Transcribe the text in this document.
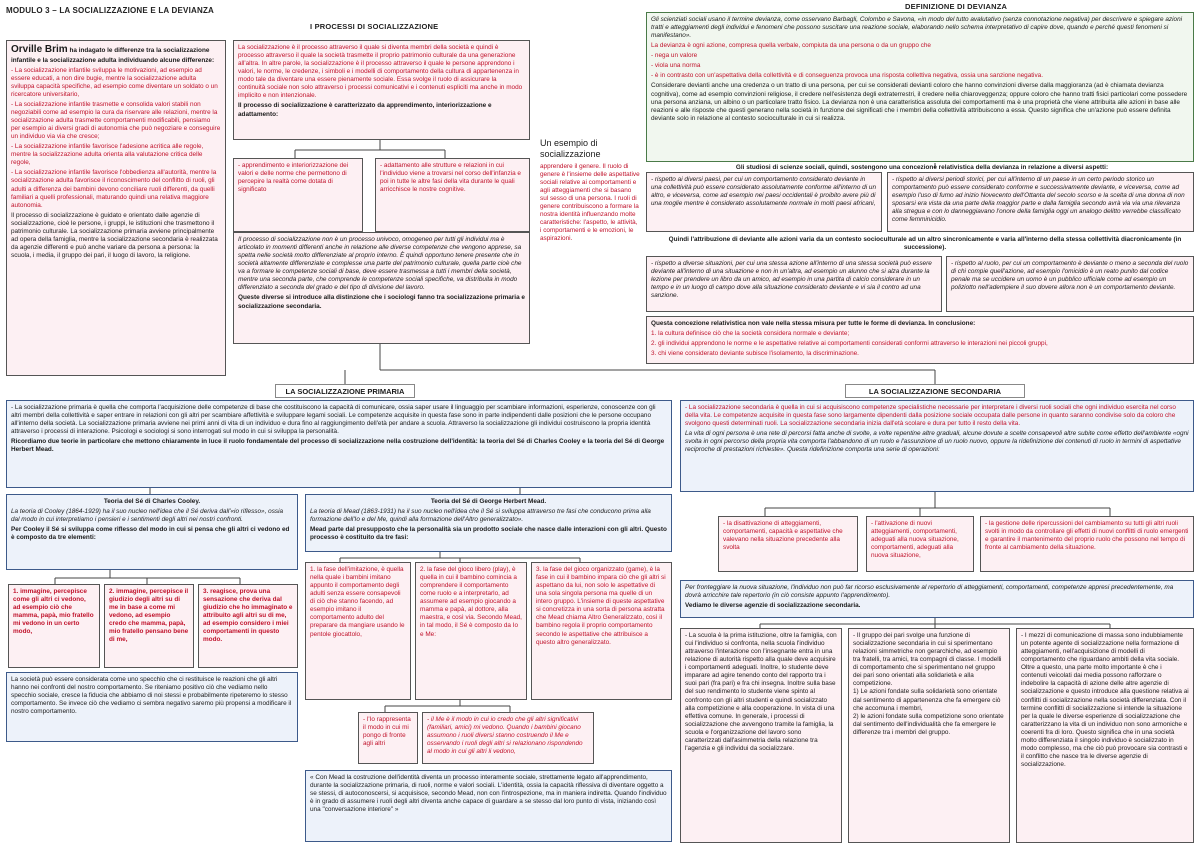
MODULO 3 – LA SOCIALIZZAZIONE E LA DEVIANZA
I PROCESSI DI SOCIALIZZAZIONE
DEFINIZIONE DI DEVIANZA

Orville Brim ha indagato le differenze tra la socializzazione infantile e la socializzazione adulta individuando alcune differenze:

- La socializzazione infantile sviluppa le motivazioni, ad esempio ad essere educati, a non dire bugie, mentre la socializzazione adulta sviluppa capacità specifiche, ad esempio come diventare un soldato o un ricercatore universitario,

- La socializzazione infantile trasmette e consolida valori stabili non negoziabili come ad esempio la cura da riservare alle relazioni, mentre la socializzazione adulta trasmette comportamenti modificabili, pensiamo per esempio ai diversi gradi di autonomia che può negoziare e conseguire un individuo via via che cresce;

- La socializzazione infantile favorisce l'adesione acritica alle regole, mentre la socializzazione adulta orienta alla valutazione critica delle regole,

- La socializzazione infantile favorisce l'obbedienza all'autorità, mentre la socializzazione adulta favorisce il riconoscimento del conflitto di ruoli, gli adulti a differenza dei bambini devono conciliare ruoli differenti, da quelli familiari a quelli professionali, maturando quindi una relativa maggiore autonomia.

Il processo di socializzazione è guidato e orientato dalle agenzie di socializzazione, cioè le persone, i gruppi, le istituzioni che trasmettono il patrimonio culturale. La socializzazione primaria avviene principalmente ad opera della famiglia, mentre la socializzazione secondaria è realizzata da agenzie differenti e può anche variare da persona a persona: la scuola, i media, il gruppo dei pari, il luogo di lavoro, la religione.

La socializzazione è il processo attraverso il quale si diventa membri della società e quindi è processo attraverso il quale la società trasmette il proprio patrimonio culturale da una generazione all'altra. In altre parole, la socializzazione è il processo attraverso il quale le persone apprendono i valori, le norme, le credenze, i simboli e i modelli di comportamento della cultura di appartenenza in modo tale da diventare una essere pienamente sociale. Essa svolge il ruolo di assicurare la continuità sociale non solo attraverso i processi comunicativi e i contenuti espliciti ma anche in modo implicito e non intenzionale.

Il processo di socializzazione è caratterizzato da apprendimento, interiorizzazione e adattamento:

Un esempio di socializzazione

apprendere il genere. Il ruolo di genere è l'insieme delle aspettative sociali relative ai comportamenti e agli atteggiamenti che si basano sul sesso di una persona. I ruoli di genere contribuiscono a formare la nostra identità influenzando molte caratteristiche: l'aspetto, le attività, i comportamenti e le emozioni, le aspirazioni.

- apprendimento e interiorizzazione dei valori e delle norme che permettono di percepire la realtà come dotata di significato

- adattamento alle strutture e relazioni in cui l'individuo viene a trovarsi nel corso dell'infanzia e poi in tutte le altre fasi della vita durante le quali arricchisce le nostre cognitive.

Il processo di socializzazione non è un processo univoco, omogeneo per tutti gli individui ma è articolato in momenti differenti anche in relazione alle diverse competenze che vengono apprese, sa spetta nelle società molto differenziate al proprio interno. È quindi opportuno tenere presente che in società altamente differenziate e complesse una parte del patrimonio culturale, quella parte cioè che va a formare le competenze sociali di base, deve essere trasmessa a tutti i membri della società, mentre una seconda parte, che comprende le competenze sociali specifiche, va distribuita in modo differenziato a seconda del grado e del tipo di divisione del lavoro.

Queste diverse si introduce alla distinzione che i sociologi fanno tra socializzazione primaria e socializzazione secondaria.

Gli scienziati sociali usano il termine devianza, come osservano Barbagli, Colombo e Savona, «in modo del tutto avalutativo (senza connotazione negativa) per descrivere e spiegare azioni tratti e atteggiamenti degli individui e fenomeni che possono suscitare una reazione sociale, elaborando nello schema interpretativo di capire dove, quando e perché questi fenomeni si manifestano».

La devianza è ogni azione, compresa quella verbale, compiuta da una persona o da un gruppo che

- nega un valore

- viola una norma

- è in contrasto con un'aspettativa della collettività e di conseguenza provoca una risposta collettiva negativa, ossia una sanzione negativa.

Considerare devianti anche una credenza o un tratto di una persona, per cui se considerati devianti coloro che hanno convinzioni diverse dalla maggioranza (ad è chiamata devianza cognitiva), come ad esempio convinzioni religiose, il credere nell'esistenza degli extraterrestri, il credere nella chiaroveggenza; oppure coloro che hanno tratti fisici particolari come possedere una persona anziana, un albino o un particolare tratto fisico. La devianza non è una caratteristica assoluta dei comportamenti ma è una proprietà che viene attribuita alle azioni in base alle reazioni e alle risposte che questi generano nella società in funzione dei significati che i membri della collettività attribuiscono a essa. Questo significa che un'azione può essere definita deviante solo in relazione al contesto socioculturale in cui si realizza.

Gli studiosi di scienze sociali, quindi, sostengono una concezione relativistica della devianza in relazione a diversi aspetti:

- rispetto ai diversi paesi, per cui un comportamento considerato deviante in una collettività può essere considerato assolutamente conforme all'interno di un altro, e viceversa, come ad esempio nei paesi occidentali è proibito avere più di una moglie mentre è considerato assolutamente normale in molti paesi africani,

- rispetto ai diversi periodi storici, per cui all'interno di un paese in un certo periodo storico un comportamento può essere considerato conforme e successivamente deviante, e viceversa, come ad esempio l'uso di fumo ad inizio Novecento dell'Ottanta del secolo scorso e la scelta di una donna di non sposarsi era vista da una parte della maggior parte e dalla famiglia secondo avrà via via una rilevanza alla stregua e con lo danneggiavano l'onore della famiglia oggi un analogo delitto verrebbe classificato come femminicidio.

Quindi l'attribuzione di deviante alle azioni varia da un contesto socioculturale ad un altro sincronicamente e varia all'interno della stessa collettività diacronicamente (in successione).

- rispetto a diverse situazioni, per cui una stessa azione all'interno di una stessa società può essere deviante all'interno di una situazione e non in un'altra, ad esempio un alunno che si alza durante la lezione per prendere un libro da un amico, ad esempio in una partita di calcio considerare in un tempo e in un luogo di campo dove alla situazione considerato deviante e vi sia il contro ad una sanzione.

- rispetto al ruolo, per cui un comportamento è deviante o meno a seconda del ruolo di chi compie quell'azione, ad esempio l'omicidio è un reato punito dal codice penale ma se uccidere un uomo è un pubblico ufficiale come ad esempio un poliziotto nell'adempiere il suo dovere allora non è un comportamento deviante.

Questa concezione relativistica non vale nella stessa misura per tutte le forme di devianza. In conclusione:

1. la cultura definisce ciò che la società considera normale e deviante;

2. gli individui apprendono le norme e le aspettative relative ai comportamenti considerati conformi attraverso le interazioni nei piccoli gruppi,

3. chi viene considerato deviante subisce l'isolamento, la discriminazione.

LA SOCIALIZZAZIONE PRIMARIA	LA SOCIALIZZAZIONE SECONDARIA

- La socializzazione primaria è quella che comporta l'acquisizione delle competenze di base che costituiscono la capacità di comunicare, ossia saper usare il linguaggio per scambiare informazioni, esperienze, conoscenze con gli altri membri della collettività e saper entrare in relazioni con gli altri per scambiare affettività e sviluppare legami sociali. Le competenze acquisite in questa fase sono in parte indipendenti dalle posizioni che le persone occupano all'interno della società. La socializzazione primaria avviene nei primi anni di vita di un individuo e dura fino al raggiungimento dell'età per andare a scuola. Attraverso la socializzazione gli individui costruiscono la propria identità attraverso i processi di interazione. Psicologi e sociologi si sono interrogati sul modo in cui si sviluppa la personalità.

Ricordiamo due teorie in particolare che mettono chiaramente in luce il ruolo fondamentale del processo di socializzazione nella costruzione dell'identità: la teoria del Sé di Charles Cooley e la teoria del Sé di George Herbert Mead.

Teoria del Sé di Charles Cooley.

La teoria di Cooley (1864-1929) ha il suo nucleo nell'idea che il Sé deriva dall'«io riflesso», ossia dal modo in cui interpretiamo i pensieri e i sentimenti degli altri nei nostri confronti.

Per Cooley il Sé si sviluppa come riflesso del modo in cui si pensa che gli altri ci vedono ed è composto da tre elementi:

1. immagine, percepisce come gli altri ci vedono, ad esempio ciò che mamma, papà, mio fratello mi vedono in un certo modo,

2. immagine, percepisce il giudizio degli altri su di me in base a come mi vedono, ad esempio credo che mamma, papà, mio fratello pensano bene di me,

3. reagisce, prova una sensazione che deriva dal giudizio che ho immaginato e attribuito agli altri su di me, ad esempio considero i miei comportamenti in questo modo.

La società può essere considerata come uno specchio che ci restituisce le reazioni che gli altri hanno nei confronti del nostro comportamento. Se riteniamo positivo ciò che vediamo nello specchio sociale, cresce la fiducia che abbiamo di noi stessi e probabilmente ripeteremo lo stesso comportamento. Se invece ciò che vediamo ci sembra negativo saremo più propensi a modificare il nostro comportamento.

Teoria del Sé di George Herbert Mead.

La teoria di Mead (1863-1931) ha il suo nucleo nell'idea che il Sé si sviluppa attraverso tre fasi che conducono prima alla formazione dell'Io e del Me, quindi alla formazione dell'Altro generalizzato».

Mead parte dal presupposto che la personalità sia un prodotto sociale che nasce dalle interazioni con gli altri. Questo processo è costituito da tre fasi:

1. la fase dell'imitazione, è quella nella quale i bambini imitano appunto il comportamento degli adulti senza essere consapevoli di ciò che stanno facendo, ad esempio imitano il comportamento adulto del preparare da mangiare usando le pentole giocattolo,

2. la fase del gioco libero (play), è quella in cui il bambino comincia a comprendere il comportamento come ruolo e a interpretarlo, ad assumere ad esempio giocando a mamma e papà, al dottore, alla maestra, e così via. Secondo Mead, in tal modo, il Sé è composto da Io e Me:

3. la fase del gioco organizzato (game), è la fase in cui il bambino impara ciò che gli altri si aspettano da lui, non solo le aspettative di una sola singola persona ma quelle di un intero gruppo. L'insieme di queste aspettative si concretizza in una sorta di persona astratta che Mead chiama Altro Generalizzato, così il bambino regola il proprio comportamento secondo le aspettative che attribuisce a questo altro generalizzato.

- l'Io rappresenta il modo in cui mi pongo di fronte agli altri

- il Me è il modo in cui io credo che gli altri significativi (familiari, amici) mi vedono. Quando i bambini giocano assumono i ruoli diversi stanno costruendo il Me e osservando i ruoli degli altri si relazionano rispondendo al modo in cui gli altri li vedono,

« Con Mead la costruzione dell'identità diventa un processo interamente sociale, strettamente legato all'apprendimento, durante la socializzazione primaria, di ruoli, norme e valori sociali. L'identità, ossia la capacità riflessiva di diventare oggetto a se stessi, di autoconoscersi, si acquisisce, secondo Mead, non con l'introspezione, ma in maniera indiretta. Quando l'individuo è in grado di assumere i ruoli degli altri diventa anche capace di guardare a se stesso dal loro punto di vista, iniziando così una "conversazione interiore" »

- La socializzazione secondaria è quella in cui si acquisiscono competenze specialistiche necessarie per interpretare i diversi ruoli sociali che ogni individuo esercita nel corso della vita. Le competenze acquisite in questa fase sono largamente dipendenti dalla posizione sociale occupata dalle persone in quanto saranno condivise solo da coloro che svolgono questi determinati ruoli. La socializzazione secondaria inizia dall'età scolare e dura per tutto il resto della vita.

La vita di ogni persona è una rete di percorsi fatta anche di svolte, a volte repentine altre graduali, alcune dovute a scelte consapevoli altre subite come effetto dell'ambiente «ogni svolta in ogni percorso della propria vita comporta l'abbandono di un ruolo e l'assunzione di un ruolo nuovo, oppure la ridefinizione dei contenuti di ruolo in termini di aspettative reciproche di prestazioni richieste». Questa ridefinizione comporta una serie di operazioni:

- la disattivazione di atteggiamenti, comportamenti, capacità e aspettative che valevano nella situazione precedente alla svolta

- l'attivazione di nuovi atteggiamenti, comportamenti, adeguati alla nuova situazione, comportamenti, adeguati alla nuova situazione,

- la gestione delle ripercussioni del cambiamento su tutti gli altri ruoli svolti in modo da controllare gli effetti di nuovi conflitti di ruolo emergenti e garantire il mantenimento del proprio ruolo che possono nel tempo di fronte al cambiamento della situazione.

Per fronteggiare la nuova situazione, l'individuo non può far ricorso esclusivamente al repertorio di atteggiamenti, comportamenti, competenze appresi precedentemente, ma dovrà arricchire tale repertorio (in ciò consiste appunto l'apprendimento).

Vediamo le diverse agenzie di socializzazione secondaria.

- La scuola è la prima istituzione, oltre la famiglia, con cui l'individuo si confronta, nella scuola l'individuo attraverso l'interazione con l'insegnante entra in una relazione di autorità rispetto alla quale deve acquisire i comportamenti adeguati. Inoltre, lo studente deve imparare ad agire tenendo conto del rapporto tra i suoi pari (fra pari) e fra chi insegna. Inoltre sulla base del suo rendimento lo studente viene spinto al confronto con gli altri studenti e quindi socializzato alla competizione e alla cooperazione. In vista di una effettiva comune. In generale, i processi di socializzazione che avvengono tramite la famiglia, la scuola e l'organizzazione del lavoro sono caratterizzati dall'asimmetria della relazione tra l'agenzia e gli individui da socializzare.

- Il gruppo dei pari svolge una funzione di socializzazione secondaria in cui si sperimentano relazioni simmetriche non gerarchiche, ad esempio tra fratelli, tra amici, tra compagni di classe. I modelli di comportamento che si sperimentano nel gruppo dei pari sono orientati alla solidarietà e alla competizione.
1) Le azioni fondate sulla solidarietà sono orientate dal sentimento di appartenenza che fa emergere ciò che accomuna i membri,
2) le azioni fondate sulla competizione sono orientate dal sentimento dell'individualità che fa emergere le differenze tra i membri del gruppo.

- I mezzi di comunicazione di massa sono indubbiamente un potente agente di socializzazione nella formazione di atteggiamenti, nell'acquisizione di modelli di comportamento che riguardano ambiti della vita sociale. Oltre a questo, una parte molto importante è che i contenuti veicolati dai media possono rafforzare o indebolire la capacità di azione delle altre agenzie di socializzazione e questo introduce alla questione relativa ai conflitti di socializzazione nella società differenziata. Con il termine conflitti di socializzazione si intende la situazione per la quale le diverse esperienze di socializzazione che caratterizzano la vita di un individuo non sono armoniche e coerenti fra di loro. Questo significa che in una società molto differenziata il singolo individuo è socializzato in modo complesso, ma che ciò può provocare sia contrasti e il conflitto che nasce tra le diverse agenzie di socializzazione.
